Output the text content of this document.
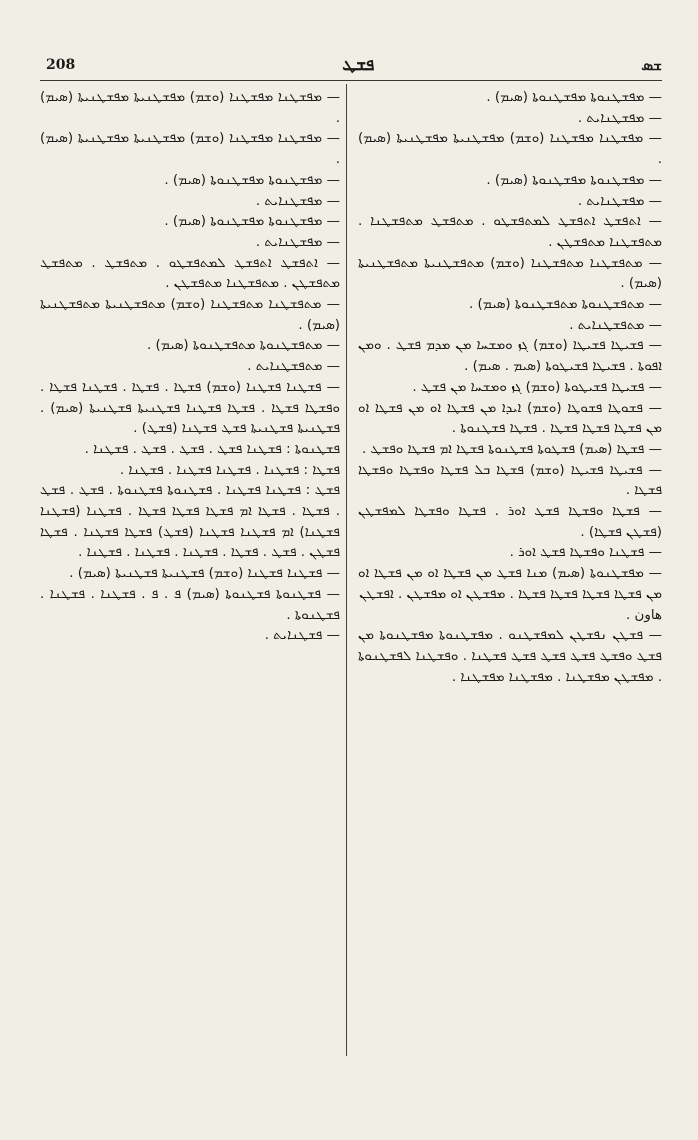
208	ܦܫܛ	ܫܣ

— ܡܦܫܛܢܐ ܡܦܫܛܢܐ (ܘܫܡ) ܡܦܫܛܢܝܬܐ ܡܦܫܛܢܝܬܐ (ܣܝܡ) .

— ܡܦܫܛܢܐ ܡܦܫܛܢܐ (ܘܫܡ) ܡܦܫܛܢܝܬܐ ܡܦܫܛܢܝܬܐ (ܣܝܡ) .

— ܡܦܫܛܢܘܬܐ ܡܦܫܛܢܘܬܐ (ܣܝܡ) .

— ܡܦܫܛܢܐܝܬ .

— ܡܦܫܛܢܘܬܐ ܡܦܫܛܢܘܬܐ (ܣܝܡ) .

— ܡܦܫܛܢܐܝܬ .

— ܐܬܦܫܛ ܐܬܦܫܛ ܠܡܬܦܫܛܘ . ܡܬܦܫܛ . ܡܬܦܫܛ ܡܬܦܫܛܢ . ܡܬܦܫܛܢܐ ܡܬܦܫܛܢ .

— ܡܬܦܫܛܢܐ ܡܬܦܫܛܢܐ (ܘܫܡ) ܡܬܦܫܛܢܝܬܐ ܡܬܦܫܛܢܝܬܐ (ܣܝܡ) .

— ܡܬܦܫܛܢܘܬܐ ܡܬܦܫܛܢܘܬܐ (ܣܝܡ) .

— ܡܬܦܫܛܢܐܝܬ .

— ܦܫܛܢܐ ܦܫܛܢܐ (ܘܫܡ) ܦܫܛܐ . ܦܫܛܐ . ܦܫܛܢܐ ܦܫܛܐ . ܘܦܫܛܐ ܦܫܛܐ . ܦܫܛܐ ܦܫܛܢܐ ܦܫܛܢܝܬܐ ܦܫܛܢܝܬܐ (ܣܝܡ) . ܦܫܛܢܝܬܐ ܦܫܛܢܝܬܐ ܦܫܛ ܦܫܛܢܐ (ܦܫܛ) .

ܦܫܛܢܘܬܐ : ܦܫܛܢܐ ܦܫܛ . ܦܫܛ . ܦܫܛ . ܦܫܛܢܐ .

ܦܫܛܐ : ܦܫܛܢܐ . ܦܫܛܢܐ ܦܫܛܢܐ . ܦܫܛܢܐ .

ܦܫܛ : ܦܫܛܢܐ ܦܫܛܢܐ . ܦܫܛܢܘܬܐ ܦܫܛܢܘܬܐ . ܦܫܛ . ܦܫܛ . ܦܫܛܐ . ܦܫܛܐ ܐܡ ܦܫܛܐ ܦܫܛܐ ܦܫܛܐ . ܦܫܛܢܐ (ܦܫܛܢܐ ܦܫܛܢܐ) ܐܡ ܦܫܛܢܐ ܦܫܛܢܐ (ܦܫܛ) ܦܫܛܐ ܦܫܛܢܐ . ܦܫܛܐ ܦܫܛܢ . ܦܫܛ . ܦܫܛܐ . ܦܫܛܢܐ . ܦܫܛܢܐ . ܦܫܛܢܐ .

— ܦܫܛܢܐ ܦܫܛܢܐ (ܘܫܡ) ܦܫܛܢܝܬܐ ܦܫܛܢܝܬܐ (ܣܝܡ) .

— ܦܫܛܢܘܬܐ ܦܫܛܢܘܬܐ (ܣܝܡ) ܦ . ܦ . ܦܫܛܢܐ . ܦܫܛܢܐ . ܦܫܛܢܘܬܐ .

— ܦܫܛܢܐܝܬ .

— ܡܦܫܛܢܘܬܐ ܡܦܫܛܢܘܬܐ (ܣܝܡ) .

— ܡܦܫܛܢܐܝܬ .

— ܡܦܫܛܢܐ ܡܦܫܛܢܐ (ܘܫܡ) ܡܦܫܛܢܝܬܐ ܡܦܫܛܢܝܬܐ (ܣܝܡ) .

— ܡܦܫܛܢܘܬܐ ܡܦܫܛܢܘܬܐ (ܣܝܡ) .

— ܡܦܫܛܢܐܝܬ .

— ܐܬܦܫܛ ܐܬܦܫܛ ܠܡܬܦܫܛܘ . ܡܬܦܫܛ ܡܬܦܫܛܢܐ . ܡܬܦܫܛܢܐ ܡܬܦܫܛܢ .

— ܡܬܦܫܛܢܐ ܡܬܦܫܛܢܐ (ܘܫܡ) ܡܬܦܫܛܢܝܬܐ ܡܬܦܫܛܢܝܬܐ (ܣܝܡ) .

— ܡܬܦܫܛܢܘܬܐ ܡܬܦܫܛܢܘܬܐ (ܣܝܡ) .

— ܡܬܦܫܛܢܐܝܬ .

— ܦܫܝܛܐ ܦܫܝܛܐ (ܘܫܡ) ܓܙ ܘܡܫܚܐ ܡܢ ܡܕܡ ܦܫܛ . ܘܡܢ ܐܦܘܬܐ . ܦܫܝܛܐ ܦܫܝܛܘܬܐ (ܣܝܡ . ܣܝܡ) .

— ܦܫܝܛܐ ܦܫܝܛܘܬܐ (ܘܫܡ) ܓܙ ܘܡܫܚܐ ܡܢ ܦܫܛ .

— ܦܫܘܛܐ ܦܫܘܛܐ (ܘܫܡ) ܐܝܕܐ ܡܢ ܦܫܛܐ ܐܘ ܡܢ ܦܫܛܐ ܐܘ ܡܢ ܦܫܛܐ ܦܫܛܐ ܦܫܛܐ . ܦܫܛܐ ܦܫܛܢܘܬܐ .

— ܦܫܛܐ (ܣܝܡ) ܦܫܛܘܬܐ ܦܫܛܢܘܬܐ ܦܫܛܐ ܐܡ ܦܫܛܐ ܘܦܫܛ .

— ܦܫܝܛܐ ܦܫܝܛܐ (ܘܫܡ) ܦܫܛܐ ܒܠ ܦܫܛܐ ܘܦܫܛܐ ܘܦܫܛܐ ܦܫܛܐ .

— ܦܫܛܐ ܘܦܫܛܐ ܦܫܛ ܐܘܪ . ܦܫܛܐ ܘܦܫܛܐ ܠܡܦܫܛܢ (ܦܫܛܢ ܦܫܛܐ) .

— ܦܫܛܢܐ ܘܦܫܛܐ ܦܫܛ ܐܘܪ .

— ܡܦܫܛܢܘܬܐ (ܣܝܡ) ܡܢܐ ܦܫܛ ܡܢ ܦܫܛܐ ܐܘ ܡܢ ܦܫܛܐ ܐܘ ܡܢ ܦܫܛܐ ܦܫܛܐ ܦܫܛܐ ܦܫܛܐ . ܡܦܫܛܢ ܐܘ ܡܦܫܛܢ . ܐܦܫܛܢ

هاون .

— ܦܫܛܢ ܢܦܫܛܢ ܠܡܦܫܛܢܘ . ܡܦܫܛܢܘܬܐ ܡܦܫܛܢܘܬܐ ܡܢ ܦܫܛ ܘܦܫܛ ܦܫܛ ܦܫܛ ܦܫܛ ܦܫܛܢܐ . ܘܦܫܛܢܐ ܠܦܫܛܢܘܬܐ . ܡܦܫܛܢ ܡܦܫܛܢܐ . ܡܦܫܛܢܐ ܡܦܫܛܢܐ .
